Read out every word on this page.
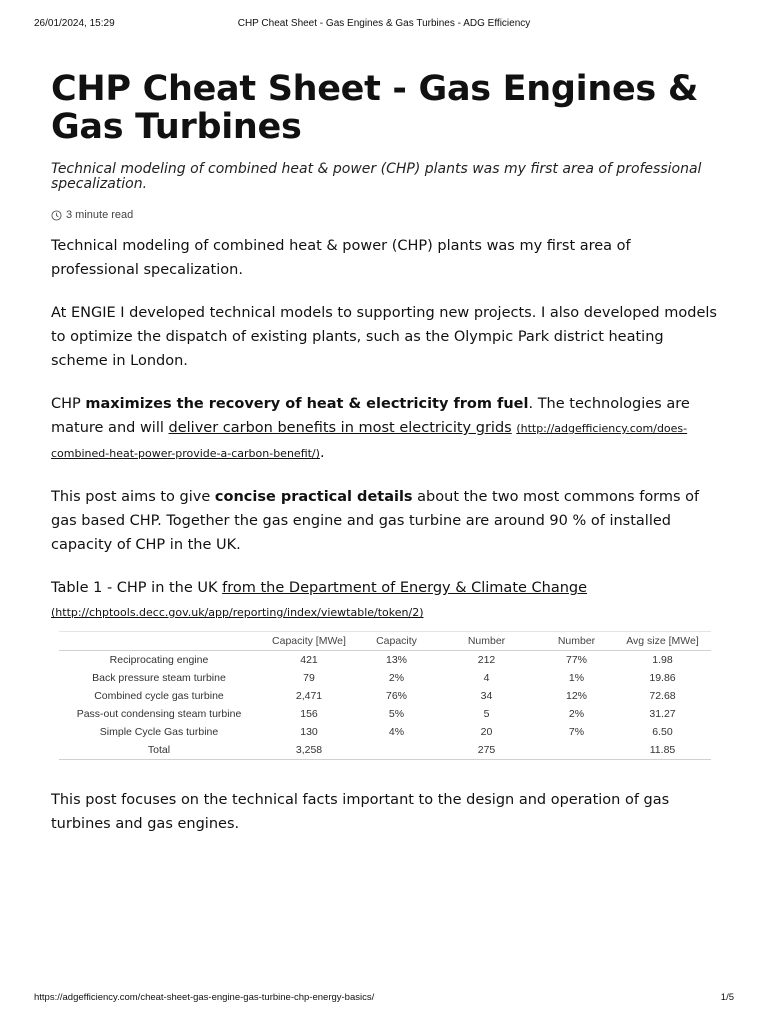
26/01/2024, 15:29	CHP Cheat Sheet - Gas Engines & Gas Turbines - ADG Efficiency
CHP Cheat Sheet - Gas Engines & Gas Turbines

Technical modeling of combined heat & power (CHP) plants was my first area of professional specalization.

3 minute read

Technical modeling of combined heat & power (CHP) plants was my first area of professional specalization.

At ENGIE I developed technical models to supporting new projects. I also developed models to optimize the dispatch of existing plants, such as the Olympic Park district heating scheme in London.

CHP maximizes the recovery of heat & electricity from fuel. The technologies are mature and will deliver carbon benefits in most electricity grids (http://adgefficiency.com/does-combined-heat-power-provide-a-carbon-benefit/).

This post aims to give concise practical details about the two most commons forms of gas based CHP. Together the gas engine and gas turbine are around 90 % of installed capacity of CHP in the UK.

Table 1 - CHP in the UK from the Department of Energy & Climate Change
(http://chptools.decc.gov.uk/app/reporting/index/viewtable/token/2)

	Capacity [MWe]	Capacity	Number	Number	Avg size [MWe]
Reciprocating engine	421	13%	212	77%	1.98
Back pressure steam turbine	79	2%	4	1%	19.86
Combined cycle gas turbine	2,471	76%	34	12%	72.68
Pass-out condensing steam turbine	156	5%	5	2%	31.27
Simple Cycle Gas turbine	130	4%	20	7%	6.50
Total	3,258		275		11.85

This post focuses on the technical facts important to the design and operation of gas turbines and gas engines.

https://adgefficiency.com/cheat-sheet-gas-engine-gas-turbine-chp-energy-basics/	1/5
